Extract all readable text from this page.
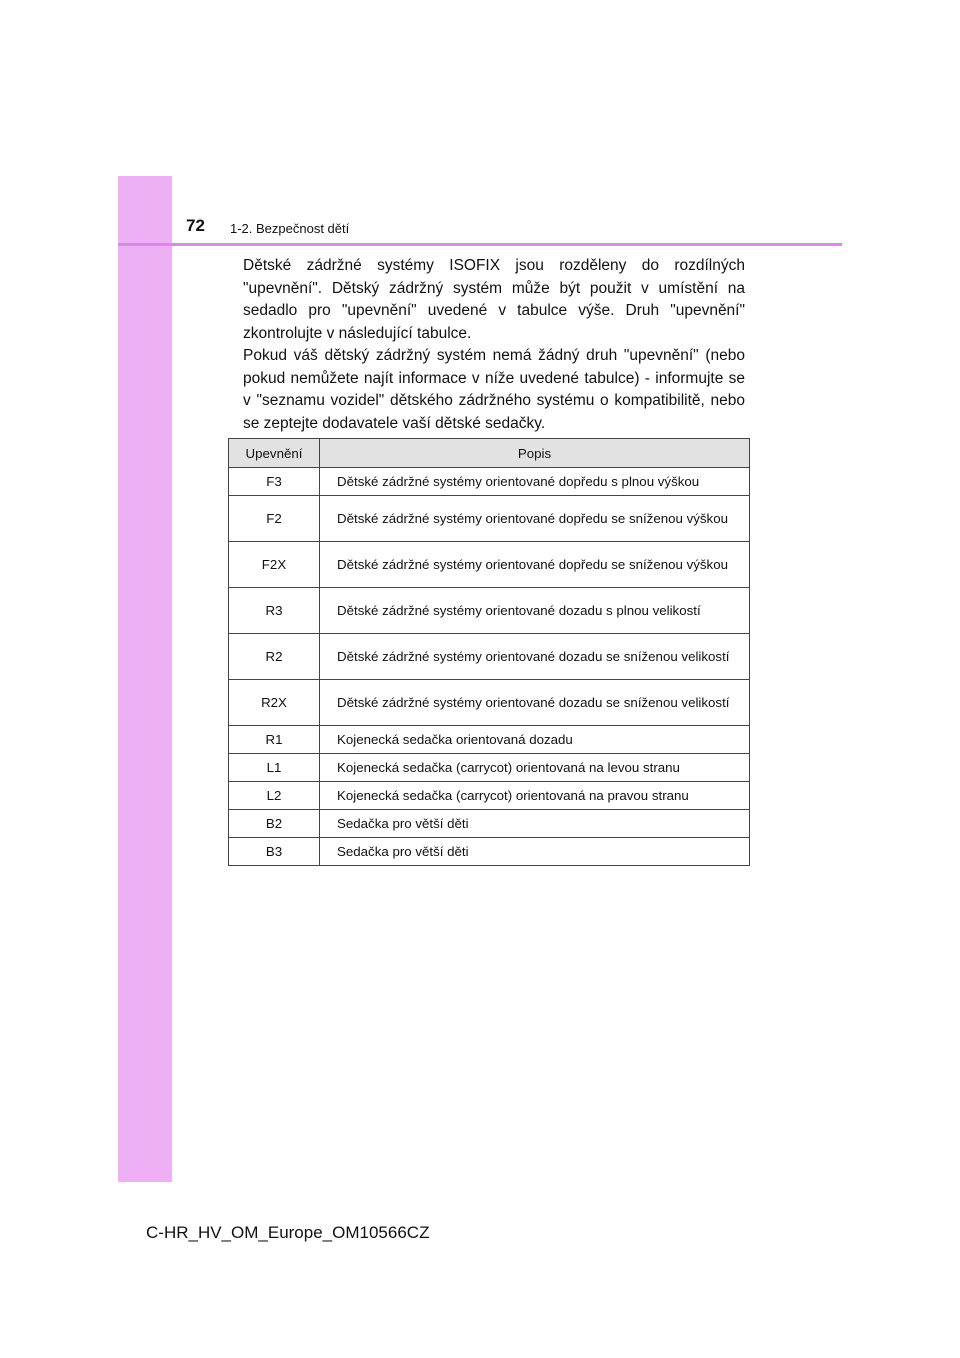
72 1-2. Bezpečnost dětí

Dětské zádržné systémy ISOFIX jsou rozděleny do rozdílných "upevnění". Dětský zádržný systém může být použit v umístění na sedadlo pro "upevnění" uvedené v tabulce výše. Druh "upevnění" zkontrolujte v následující tabulce.

Pokud váš dětský zádržný systém nemá žádný druh "upevnění" (nebo pokud nemůžete najít informace v níže uvedené tabulce) - informujte se v "seznamu vozidel" dětského zádržného systému o kompatibilitě, nebo se zeptejte dodavatele vaší dětské sedačky.

Upevnění	Popis
F3	Dětské zádržné systémy orientované dopředu s plnou výškou
F2	Dětské zádržné systémy orientované dopředu se sníženou výškou
F2X	Dětské zádržné systémy orientované dopředu se sníženou výškou
R3	Dětské zádržné systémy orientované dozadu s plnou velikostí
R2	Dětské zádržné systémy orientované dozadu se sníženou velikostí
R2X	Dětské zádržné systémy orientované dozadu se sníženou velikostí
R1	Kojenecká sedačka orientovaná dozadu
L1	Kojenecká sedačka (carrycot) orientovaná na levou stranu
L2	Kojenecká sedačka (carrycot) orientovaná na pravou stranu
B2	Sedačka pro větší děti
B3	Sedačka pro větší děti
C-HR_HV_OM_Europe_OM10566CZ
